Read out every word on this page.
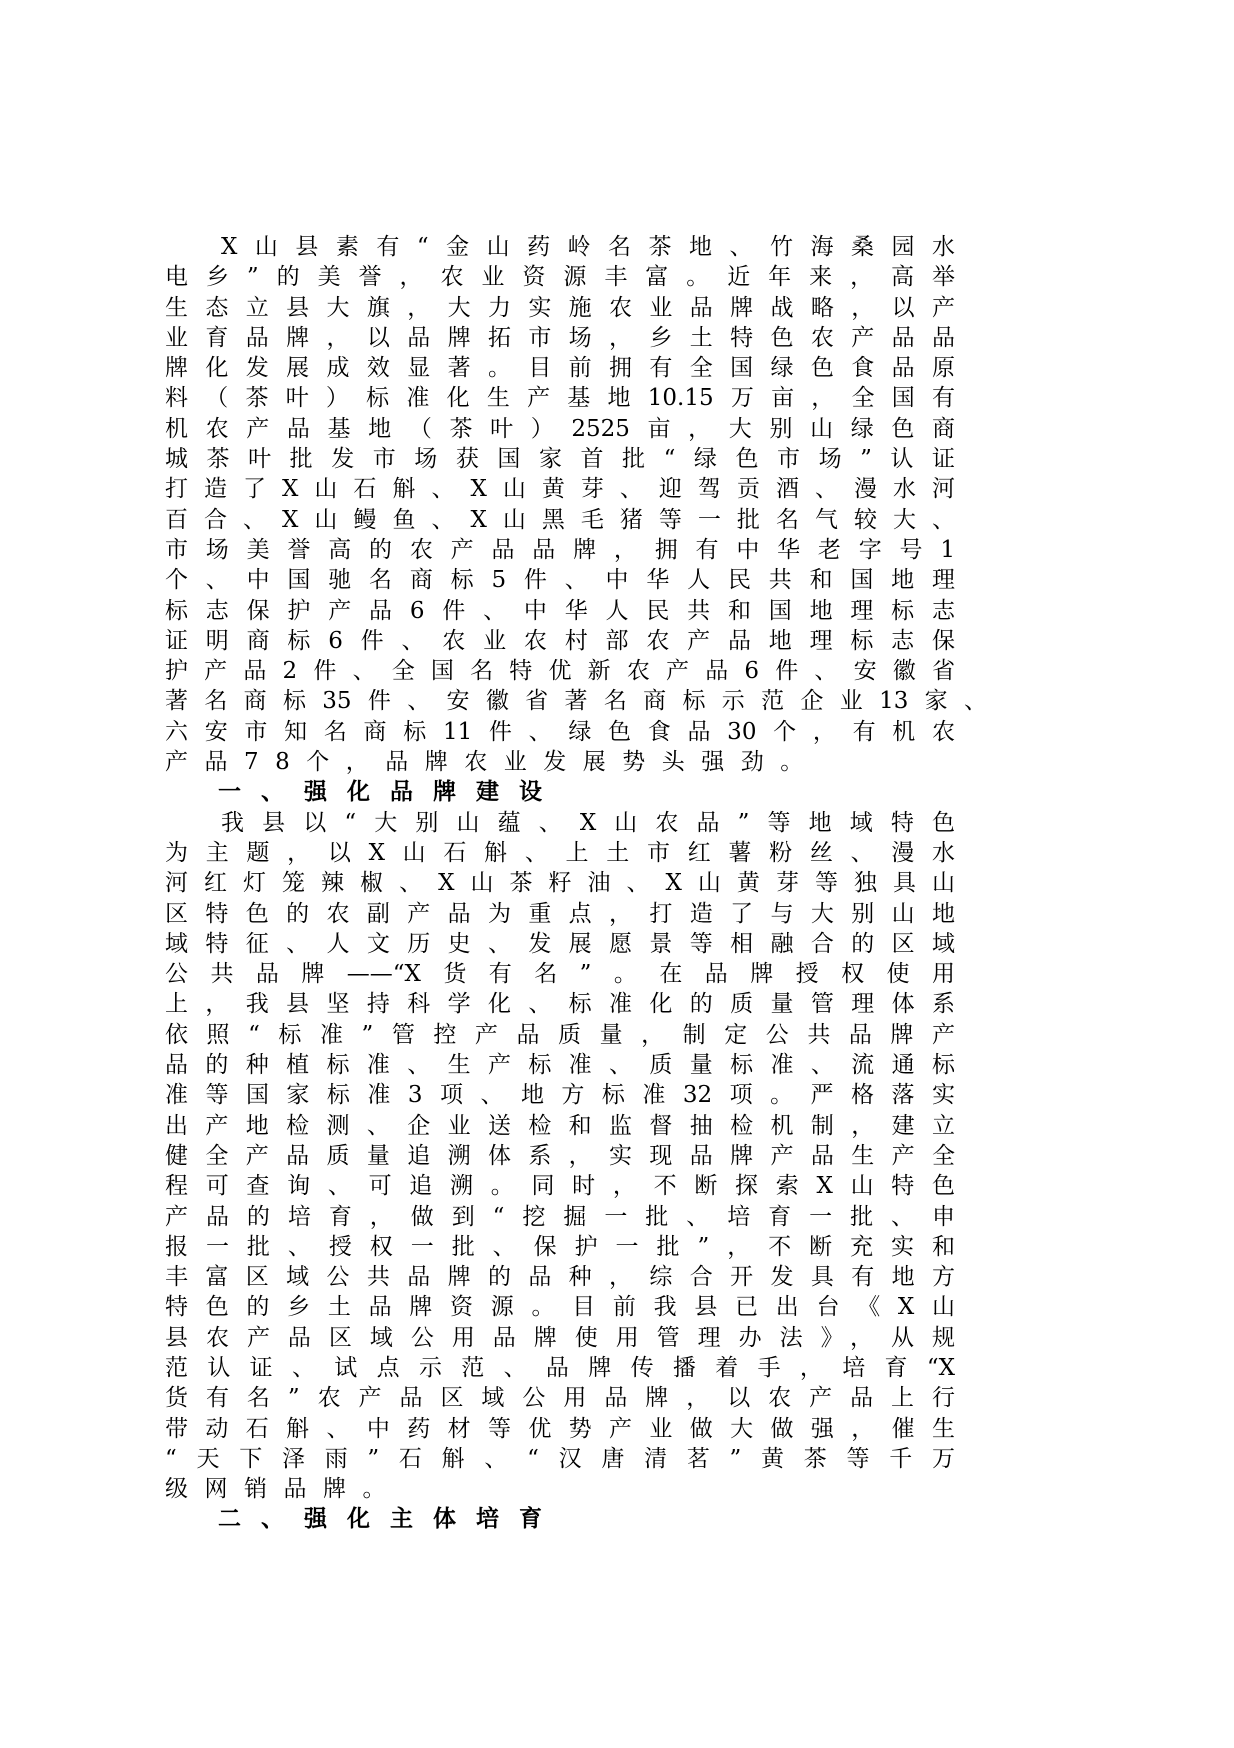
X山县素有“金山药岭名茶地、竹海桑园水
电乡”的美誉，农业资源丰富。近年来，高举
生态立县大旗，大力实施农业品牌战略，以产
业育品牌，以品牌拓市场，乡土特色农产品品
牌化发展成效显著。目前拥有全国绿色食品原
料（茶叶）标准化生产基地10.15万亩，全国有
机农产品基地（茶叶）2525亩，大别山绿色商
城茶叶批发市场获国家首批“绿色市场”认证
打造了X山石斛、X山黄芽、迎驾贡酒、漫水河
百合、X山鳗鱼、X山黑毛猪等一批名气较大、
市场美誉高的农产品品牌，拥有中华老字号1
个、中国驰名商标5件、中华人民共和国地理
标志保护产品6件、中华人民共和国地理标志
证明商标6件、农业农村部农产品地理标志保
护产品2件、全国名特优新农产品6件、安徽省
著名商标35件、安徽省著名商标示范企业13家、
六安市知名商标11件、绿色食品30个，有机农
产品78个，品牌农业发展势头强劲。
一、强化品牌建设
我县以“大别山蕴、X山农品”等地域特色
为主题，以X山石斛、上土市红薯粉丝、漫水
河红灯笼辣椒、X山茶籽油、X山黄芽等独具山
区特色的农副产品为重点，打造了与大别山地
域特征、人文历史、发展愿景等相融合的区域
公共品牌——“X货有名”。在品牌授权使用
上，我县坚持科学化、标准化的质量管理体系
依照“标准”管控产品质量，制定公共品牌产
品的种植标准、生产标准、质量标准、流通标
准等国家标准3项、地方标准32项。严格落实
出产地检测、企业送检和监督抽检机制，建立
健全产品质量追溯体系，实现品牌产品生产全
程可查询、可追溯。同时，不断探索X山特色
产品的培育，做到“挖掘一批、培育一批、申
报一批、授权一批、保护一批”，不断充实和
丰富区域公共品牌的品种，综合开发具有地方
特色的乡土品牌资源。目前我县已出台《X山
县农产品区域公用品牌使用管理办法》，从规
范认证、试点示范、品牌传播着手，培育“X
货有名”农产品区域公用品牌，以农产品上行
带动石斛、中药材等优势产业做大做强，催生
“天下泽雨”石斛、“汉唐清茗”黄茶等千万
级网销品牌。
二、强化主体培育
